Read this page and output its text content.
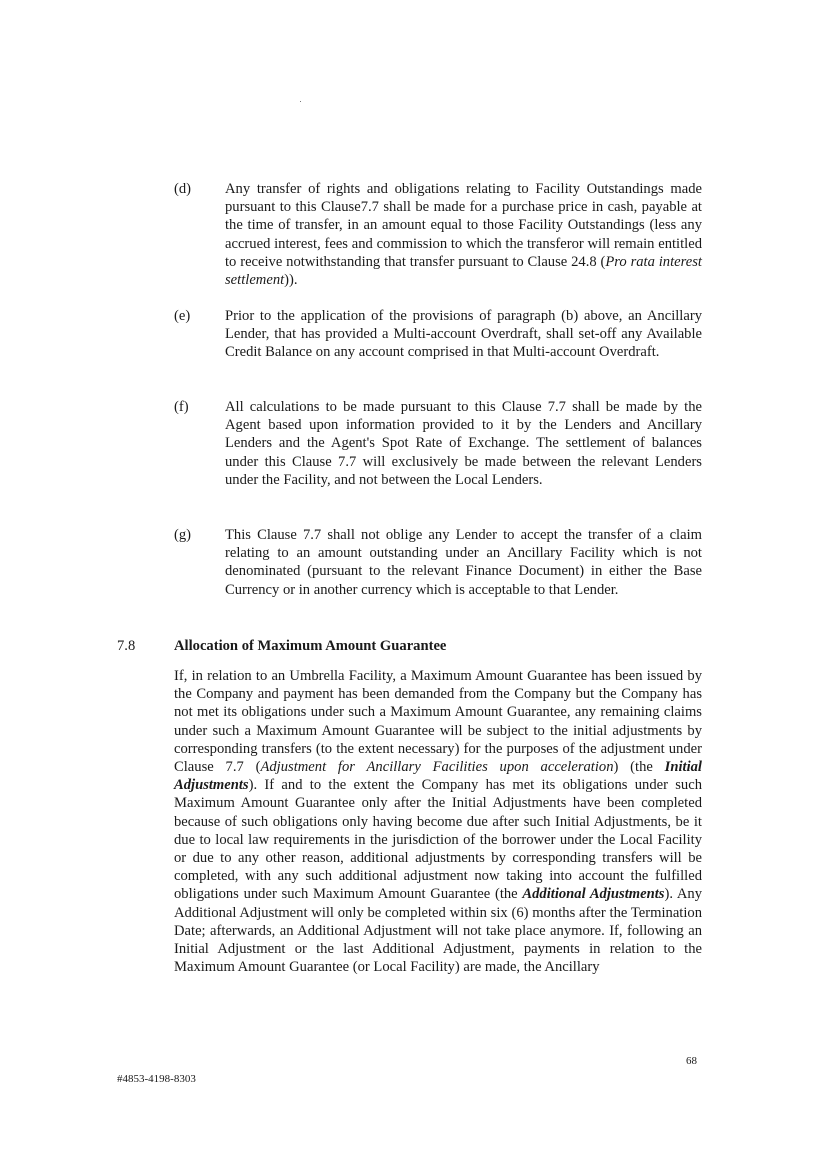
(d) Any transfer of rights and obligations relating to Facility Outstandings made pursuant to this Clause7.7 shall be made for a purchase price in cash, payable at the time of transfer, in an amount equal to those Facility Outstandings (less any accrued interest, fees and commission to which the transferor will remain entitled to receive notwithstanding that transfer pursuant to Clause 24.8 (Pro rata interest settlement)).
(e) Prior to the application of the provisions of paragraph (b) above, an Ancillary Lender, that has provided a Multi-account Overdraft, shall set-off any Available Credit Balance on any account comprised in that Multi-account Overdraft.
(f) All calculations to be made pursuant to this Clause 7.7 shall be made by the Agent based upon information provided to it by the Lenders and Ancillary Lenders and the Agent's Spot Rate of Exchange. The settlement of balances under this Clause 7.7 will exclusively be made between the relevant Lenders under the Facility, and not between the Local Lenders.
(g) This Clause 7.7 shall not oblige any Lender to accept the transfer of a claim relating to an amount outstanding under an Ancillary Facility which is not denominated (pursuant to the relevant Finance Document) in either the Base Currency or in another currency which is acceptable to that Lender.
7.8	Allocation of Maximum Amount Guarantee
If, in relation to an Umbrella Facility, a Maximum Amount Guarantee has been issued by the Company and payment has been demanded from the Company but the Company has not met its obligations under such a Maximum Amount Guarantee, any remaining claims under such a Maximum Amount Guarantee will be subject to the initial adjustments by corresponding transfers (to the extent necessary) for the purposes of the adjustment under Clause 7.7 (Adjustment for Ancillary Facilities upon acceleration) (the Initial Adjustments). If and to the extent the Company has met its obligations under such Maximum Amount Guarantee only after the Initial Adjustments have been completed because of such obligations only having become due after such Initial Adjustments, be it due to local law requirements in the jurisdiction of the borrower under the Local Facility or due to any other reason, additional adjustments by corresponding transfers will be completed, with any such additional adjustment now taking into account the fulfilled obligations under such Maximum Amount Guarantee (the Additional Adjustments). Any Additional Adjustment will only be completed within six (6) months after the Termination Date; afterwards, an Additional Adjustment will not take place anymore. If, following an Initial Adjustment or the last Additional Adjustment, payments in relation to the Maximum Amount Guarantee (or Local Facility) are made, the Ancillary
68
#4853-4198-8303
